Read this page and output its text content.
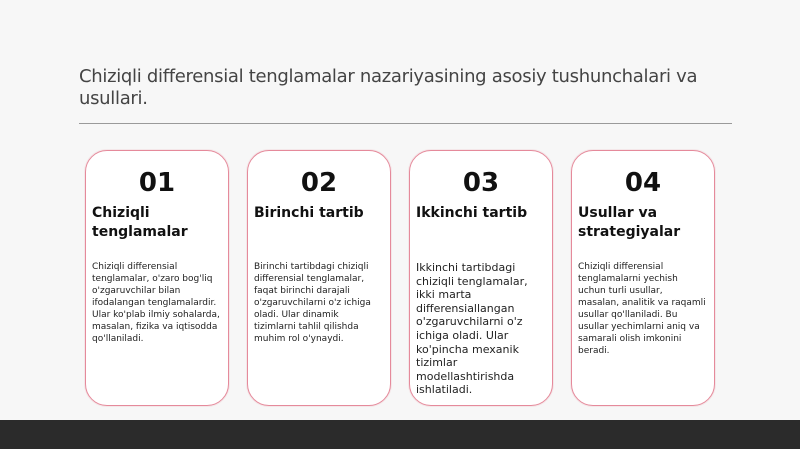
Chiziqli differensial tenglamalar nazariyasining asosiy tushunchalari va usullari.
01
Chiziqli tenglamalar
Chiziqli differensial tenglamalar, o'zaro bog'liq o'zgaruvchilar bilan ifodalangan tenglamalardir. Ular ko'plab ilmiy sohalarda, masalan, fizika va iqtisodda qo'llaniladi.
02
Birinchi tartib
Birinchi tartibdagi chiziqli differensial tenglamalar, faqat birinchi darajali o'zgaruvchilarni o'z ichiga oladi. Ular dinamik tizimlarni tahlil qilishda muhim rol o'ynaydi.
03
Ikkinchi tartib
Ikkinchi tartibdagi chiziqli tenglamalar, ikki marta differensiallangan o'zgaruvchilarni o'z ichiga oladi. Ular ko'pincha mexanik tizimlar modellashtirishda ishlatiladi.
04
Usullar va strategiyalar
Chiziqli differensial tenglamalarni yechish uchun turli usullar, masalan, analitik va raqamli usullar qo'llaniladi. Bu usullar yechimlarni aniq va samarali olish imkonini beradi.
